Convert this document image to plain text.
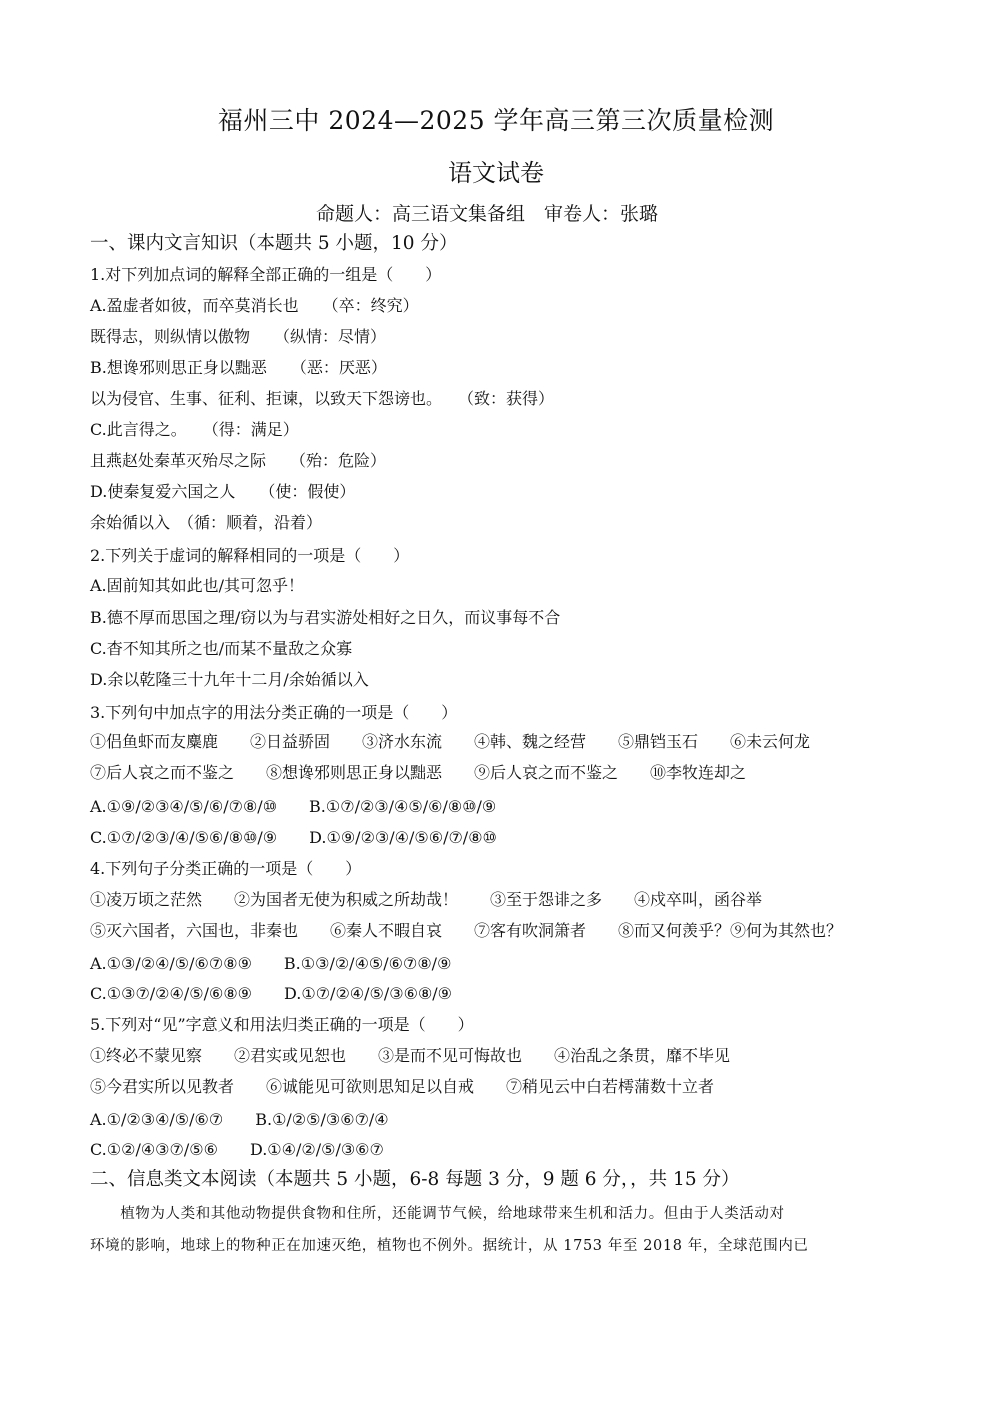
福州三中 2024—2025 学年高三第三次质量检测
语文试卷
命题人：高三语文集备组　审卷人：张璐
一、课内文言知识（本题共 5 小题，10 分）
1.对下列加点词的解释全部正确的一组是（　　）
A.盈虚者如彼，而卒莫消长也　　（卒：终究）
既得志，则纵情以傲物　　（纵情：尽情）
B.想谗邪则思正身以黜恶　　（恶：厌恶）
以为侵官、生事、征利、拒谏，以致天下怨谤也。　　（致：获得）
C.此言得之。　　（得：满足）
且燕赵处秦革灭殆尽之际　　（殆：危险）
D.使秦复爱六国之人　　（使：假使）
余始循以入　（循：顺着，沿着）
2.下列关于虚词的解释相同的一项是（　　）
A.固前知其如此也/其可忽乎！
B.德不厚而思国之理/窃以为与君实游处相好之日久，而议事每不合
C.杳不知其所之也/而某不量敌之众寡
D.余以乾隆三十九年十二月/余始循以入
3.下列句中加点字的用法分类正确的一项是（　　）
①侣鱼虾而友麋鹿　　②日益骄固　　③济水东流　　④韩、魏之经营　　⑤鼎铛玉石　　⑥未云何龙
⑦后人哀之而不鉴之　　⑧想谗邪则思正身以黜恶　　⑨后人哀之而不鉴之　　⑩李牧连却之
A.①⑨/②③④/⑤/⑥/⑦⑧/⑩　　B.①⑦/②③/④⑤/⑥/⑧⑩/⑨
C.①⑦/②③/④/⑤⑥/⑧⑩/⑨　　D.①⑨/②③/④/⑤⑥/⑦/⑧⑩
4.下列句子分类正确的一项是（　　）
①凌万顷之茫然　　②为国者无使为积威之所劫哉！　　③至于怨诽之多　　④戍卒叫，函谷举
⑤灭六国者，六国也，非秦也　　⑥秦人不暇自哀　　⑦客有吹洞箫者　　⑧而又何羡乎？⑨何为其然也？
A.①③/②④/⑤/⑥⑦⑧⑨　　B.①③/②/④⑤/⑥⑦⑧/⑨
C.①③⑦/②④/⑤/⑥⑧⑨　　D.①⑦/②④/⑤/③⑥⑧/⑨
5.下列对“见”字意义和用法归类正确的一项是（　　）
①终必不蒙见察　　②君实或见恕也　　③是而不见可悔故也　　④治乱之条贯，靡不毕见
⑤今君实所以见教者　　⑥诚能见可欲则思知足以自戒　　⑦稍见云中白若樗蒲数十立者
A.①/②③④/⑤/⑥⑦　　B.①/②⑤/③⑥⑦/④
C.①②/④③⑦/⑤⑥　　D.①④/②/⑤/③⑥⑦
二、信息类文本阅读（本题共 5 小题，6-8 每题 3 分，9 题 6 分，，共 15 分）
　　植物为人类和其他动物提供食物和住所，还能调节气候，给地球带来生机和活力。但由于人类活动对
环境的影响，地球上的物种正在加速灭绝，植物也不例外。据统计，从 1753 年至 2018 年，全球范围内已
